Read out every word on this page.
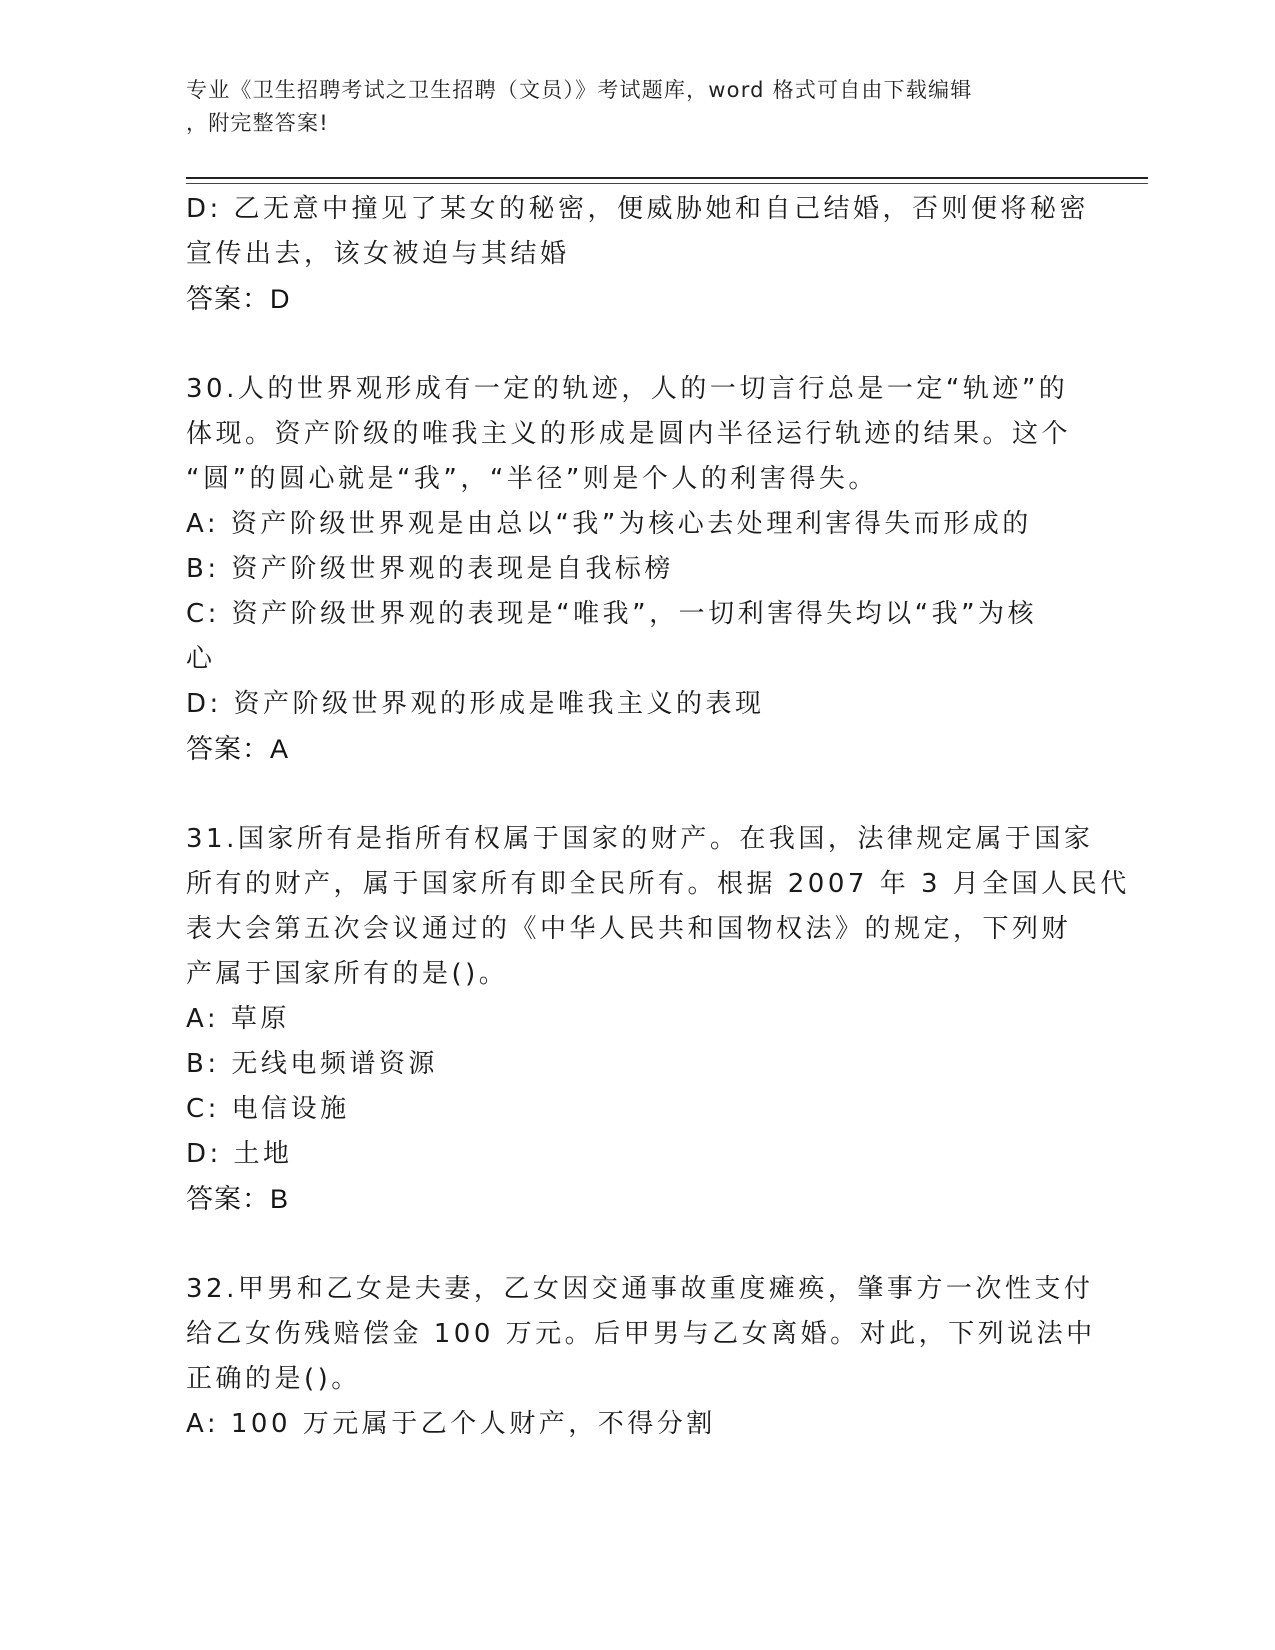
专业《卫生招聘考试之卫生招聘（文员）》考试题库，word 格式可自由下载编辑
，附完整答案!
D: 乙无意中撞见了某女的秘密，便威胁她和自己结婚，否则便将秘密
宣传出去，该女被迫与其结婚
答案：D
30.人的世界观形成有一定的轨迹，人的一切言行总是一定“轨迹”的
体现。资产阶级的唯我主义的形成是圆内半径运行轨迹的结果。这个
“圆”的圆心就是“我”，“半径”则是个人的利害得失。
A: 资产阶级世界观是由总以“我”为核心去处理利害得失而形成的
B: 资产阶级世界观的表现是自我标榜
C: 资产阶级世界观的表现是“唯我”，一切利害得失均以“我”为核
心
D: 资产阶级世界观的形成是唯我主义的表现
答案：A
31.国家所有是指所有权属于国家的财产。在我国，法律规定属于国家
所有的财产，属于国家所有即全民所有。根据 2007 年 3 月全国人民代
表大会第五次会议通过的《中华人民共和国物权法》的规定，下列财
产属于国家所有的是()。
A: 草原
B: 无线电频谱资源
C: 电信设施
D: 土地
答案：B
32.甲男和乙女是夫妻，乙女因交通事故重度瘫痪，肇事方一次性支付
给乙女伤残赔偿金 100 万元。后甲男与乙女离婚。对此，下列说法中
正确的是()。
A: 100 万元属于乙个人财产，不得分割
